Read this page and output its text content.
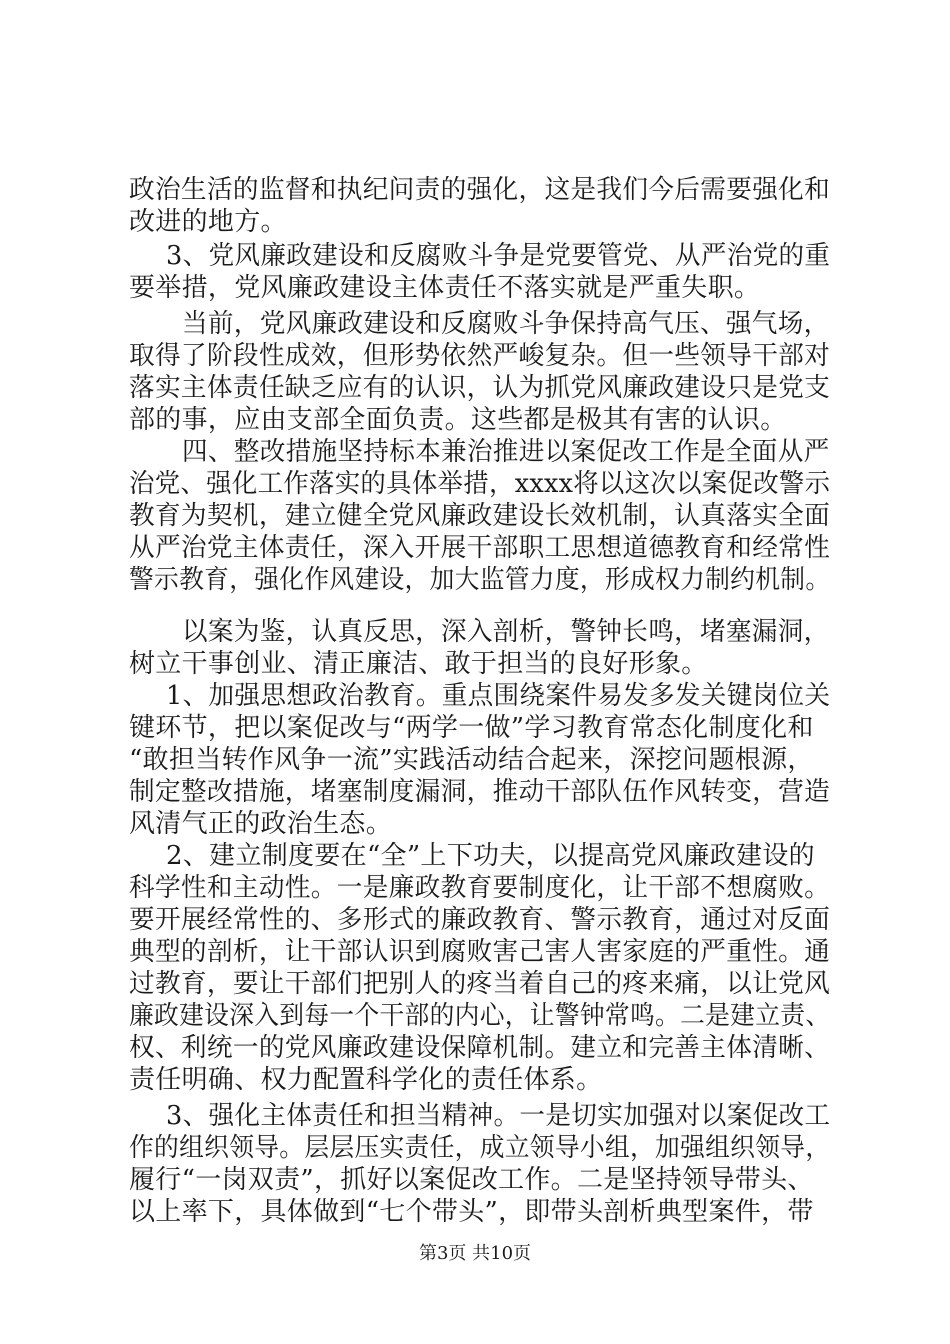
政治生活的监督和执纪问责的强化，这是我们今后需要强化和
改进的地方。
3、党风廉政建设和反腐败斗争是党要管党、从严治党的重
要举措，党风廉政建设主体责任不落实就是严重失职。
当前，党风廉政建设和反腐败斗争保持高气压、强气场，
取得了阶段性成效，但形势依然严峻复杂。但一些领导干部对
落实主体责任缺乏应有的认识，认为抓党风廉政建设只是党支
部的事，应由支部全面负责。这些都是极其有害的认识。
四、整改措施坚持标本兼治推进以案促改工作是全面从严
治党、强化工作落实的具体举措，xxxx将以这次以案促改警示
教育为契机，建立健全党风廉政建设长效机制，认真落实全面
从严治党主体责任，深入开展干部职工思想道德教育和经常性
警示教育，强化作风建设，加大监管力度，形成权力制约机制。
以案为鉴，认真反思，深入剖析，警钟长鸣，堵塞漏洞，
树立干事创业、清正廉洁、敢于担当的良好形象。
1、加强思想政治教育。重点围绕案件易发多发关键岗位关
键环节，把以案促改与“两学一做”学习教育常态化制度化和
“敢担当转作风争一流”实践活动结合起来，深挖问题根源，
制定整改措施，堵塞制度漏洞，推动干部队伍作风转变，营造
风清气正的政治生态。
2、建立制度要在“全”上下功夫，以提高党风廉政建设的
科学性和主动性。一是廉政教育要制度化，让干部不想腐败。
要开展经常性的、多形式的廉政教育、警示教育，通过对反面
典型的剖析，让干部认识到腐败害己害人害家庭的严重性。通
过教育，要让干部们把别人的疼当着自己的疼来痛，以让党风
廉政建设深入到每一个干部的内心，让警钟常鸣。二是建立责、
权、利统一的党风廉政建设保障机制。建立和完善主体清晰、
责任明确、权力配置科学化的责任体系。
3、强化主体责任和担当精神。一是切实加强对以案促改工
作的组织领导。层层压实责任，成立领导小组，加强组织领导，
履行“一岗双责”，抓好以案促改工作。二是坚持领导带头、
以上率下，具体做到“七个带头”，即带头剖析典型案件，带
第3页 共10页
